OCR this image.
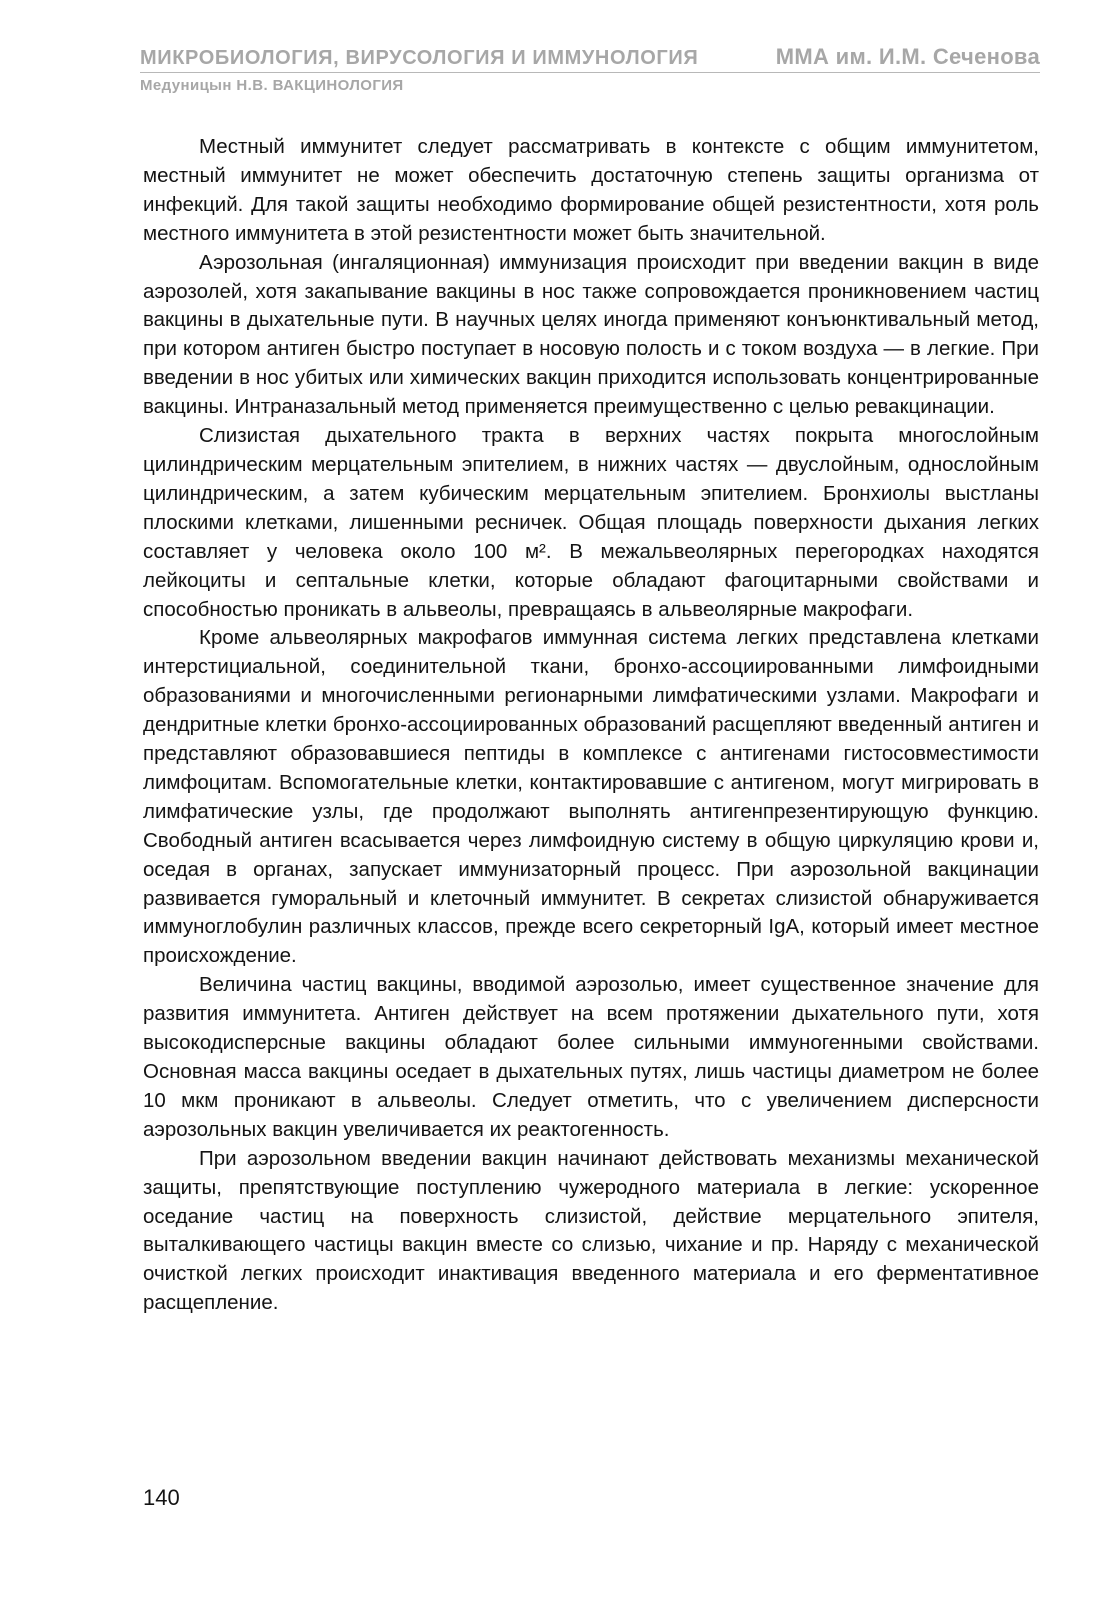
МИКРОБИОЛОГИЯ, ВИРУСОЛОГИЯ И ИММУНОЛОГИЯ	ММА им. И.М. Сеченова
Медуницын Н.В. ВАКЦИНОЛОГИЯ

Местный иммунитет следует рассматривать в контексте с общим иммунитетом, местный иммунитет не может обеспечить достаточную степень защиты организма от инфекций. Для такой защиты необходимо формирование общей резистентности, хотя роль местного иммунитета в этой резистентности может быть значительной.

Аэрозольная (ингаляционная) иммунизация происходит при введении вакцин в виде аэрозолей, хотя закапывание вакцины в нос также сопровождается проникновением частиц вакцины в дыхательные пути. В научных целях иногда применяют конъюнктивальный метод, при котором антиген быстро поступает в носовую полость и с током воздуха — в легкие. При введении в нос убитых или химических вакцин приходится использовать концентрированные вакцины. Интраназальный метод применяется преимущественно с целью ревакцинации.

Слизистая дыхательного тракта в верхних частях покрыта многослойным цилиндрическим мерцательным эпителием, в нижних частях — двуслойным, однослойным цилиндрическим, а затем кубическим мерцательным эпителием. Бронхиолы выстланы плоскими клетками, лишенными ресничек. Общая площадь поверхности дыхания легких составляет у человека около 100 м². В межальвеолярных перегородках находятся лейкоциты и септальные клетки, которые обладают фагоцитарными свойствами и способностью проникать в альвеолы, превращаясь в альвеолярные макрофаги.

Кроме альвеолярных макрофагов иммунная система легких представлена клетками интерстициальной, соединительной ткани, бронхо-ассоциированными лимфоидными образованиями и многочисленными регионарными лимфатическими узлами. Макрофаги и дендритные клетки бронхо-ассоциированных образований расщепляют введенный антиген и представляют образовавшиеся пептиды в комплексе с антигенами гистосовместимости лимфоцитам. Вспомогательные клетки, контактировавшие с антигеном, могут мигрировать в лимфатические узлы, где продолжают выполнять антигенпрезентирующую функцию. Свободный антиген всасывается через лимфоидную систему в общую циркуляцию крови и, оседая в органах, запускает иммунизаторный процесс. При аэрозольной вакцинации развивается гуморальный и клеточный иммунитет. В секретах слизистой обнаруживается иммуноглобулин различных классов, прежде всего секреторный IgA, который имеет местное происхождение.

Величина частиц вакцины, вводимой аэрозолью, имеет существенное значение для развития иммунитета. Антиген действует на всем протяжении дыхательного пути, хотя высокодисперсные вакцины обладают более сильными иммуногенными свойствами. Основная масса вакцины оседает в дыхательных путях, лишь частицы диаметром не более 10 мкм проникают в альвеолы. Следует отметить, что с увеличением дисперсности аэрозольных вакцин увеличивается их реактогенность.

При аэрозольном введении вакцин начинают действовать механизмы механической защиты, препятствующие поступлению чужеродного материала в легкие: ускоренное оседание частиц на поверхность слизистой, действие мерцательного эпителя, выталкивающего частицы вакцин вместе со слизью, чихание и пр. Наряду с механической очисткой легких происходит инактивация введенного материала и его ферментативное расщепление.

140
